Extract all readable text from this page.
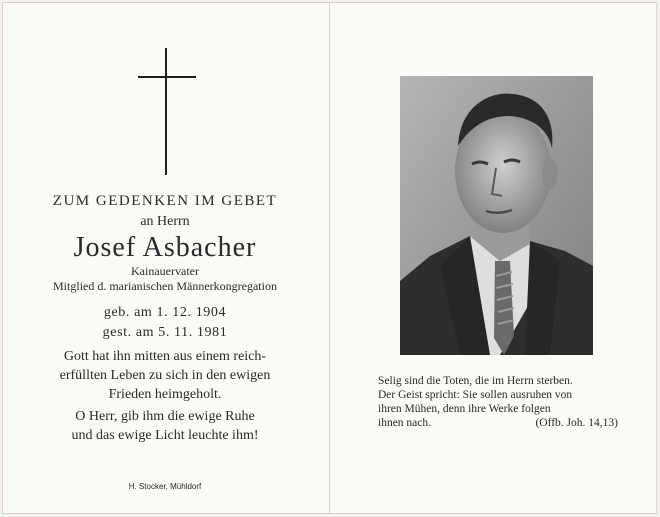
ZUM GEDENKEN IM GEBET
an Herrn
Josef Asbacher
Kainauervater
Mitglied d. marianischen Männerkongregation
geb. am 1. 12. 1904
gest. am 5. 11. 1981
Gott hat ihn mitten aus einem reich-
erfüllten Leben zu sich in den ewigen
Frieden heimgeholt.
O Herr, gib ihm die ewige Ruhe
und das ewige Licht leuchte ihm!
H. Stocker, Mühldorf
Selig sind die Toten, die im Herrn sterben.
Der Geist spricht: Sie sollen ausruhen von
ihren Mühen, denn ihre Werke folgen
ihnen nach.	(Offb. Joh. 14,13)
